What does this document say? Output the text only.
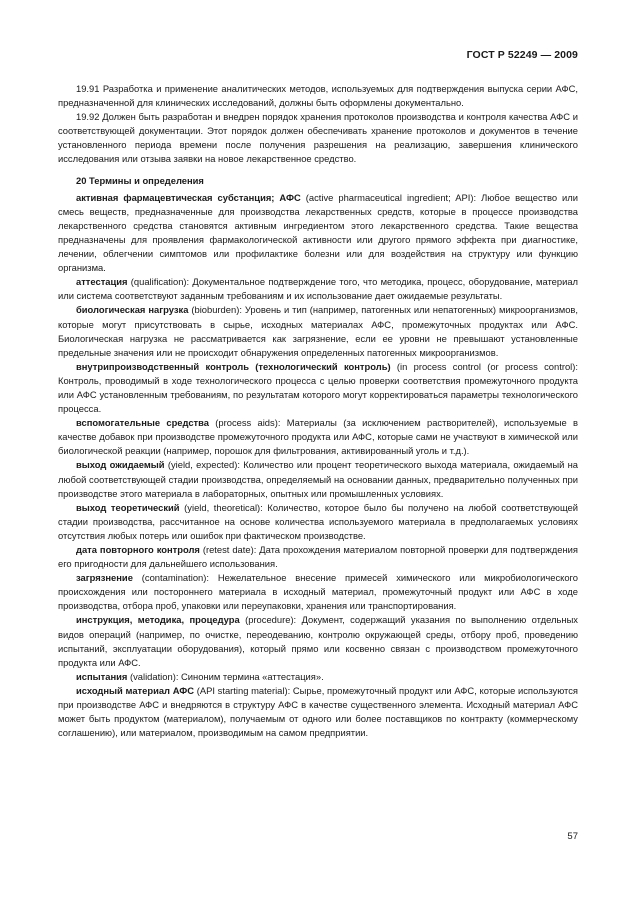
ГОСТ Р 52249 — 2009

19.91 Разработка и применение аналитических методов, используемых для подтверждения выпуска серии АФС, предназначенной для клинических исследований, должны быть оформлены документально.

19.92 Должен быть разработан и внедрен порядок хранения протоколов производства и контроля качества АФС и соответствующей документации. Этот порядок должен обеспечивать хранение протоколов и документов в течение установленного периода времени после получения разрешения на реализацию, завершения клинического исследования или отзыва заявки на новое лекарственное средство.

20 Термины и определения

активная фармацевтическая субстанция; АФС (active pharmaceutical ingredient; API): Любое вещество или смесь веществ, предназначенные для производства лекарственных средств, которые в процессе производства лекарственного средства становятся активным ингредиентом этого лекарственного средства. Такие вещества предназначены для проявления фармакологической активности или другого прямого эффекта при диагностике, лечении, облегчении симптомов или профилактике болезни или для воздействия на структуру или функцию организма.

аттестация (qualification): Документальное подтверждение того, что методика, процесс, оборудование, материал или система соответствуют заданным требованиям и их использование дает ожидаемые результаты.

биологическая нагрузка (bioburden): Уровень и тип (например, патогенных или непатогенных) микроорганизмов, которые могут присутствовать в сырье, исходных материалах АФС, промежуточных продуктах или АФС. Биологическая нагрузка не рассматривается как загрязнение, если ее уровни не превышают установленные предельные значения или не происходит обнаружения определенных патогенных микроорганизмов.

внутрипроизводственный контроль (технологический контроль) (in process control (or process control): Контроль, проводимый в ходе технологического процесса с целью проверки соответствия промежуточного продукта или АФС установленным требованиям, по результатам которого могут корректироваться параметры технологического процесса.

вспомогательные средства (process aids): Материалы (за исключением растворителей), используемые в качестве добавок при производстве промежуточного продукта или АФС, которые сами не участвуют в химической или биологической реакции (например, порошок для фильтрования, активированный уголь и т.д.).

выход ожидаемый (yield, expected): Количество или процент теоретического выхода материала, ожидаемый на любой соответствующей стадии производства, определяемый на основании данных, предварительно полученных при производстве этого материала в лабораторных, опытных или промышленных условиях.

выход теоретический (yield, theoretical): Количество, которое было бы получено на любой соответствующей стадии производства, рассчитанное на основе количества используемого материала в предполагаемых условиях отсутствия любых потерь или ошибок при фактическом производстве.

дата повторного контроля (retest date): Дата прохождения материалом повторной проверки для подтверждения его пригодности для дальнейшего использования.

загрязнение (contamination): Нежелательное внесение примесей химического или микробиологического происхождения или постороннего материала в исходный материал, промежуточный продукт или АФС в ходе производства, отбора проб, упаковки или переупаковки, хранения или транспортирования.

инструкция, методика, процедура (procedure): Документ, содержащий указания по выполнению отдельных видов операций (например, по очистке, переодеванию, контролю окружающей среды, отбору проб, проведению испытаний, эксплуатации оборудования), который прямо или косвенно связан с производством промежуточного продукта или АФС.

испытания (validation): Синоним термина «аттестация».

исходный материал АФС (API starting material): Сырье, промежуточный продукт или АФС, которые используются при производстве АФС и внедряются в структуру АФС в качестве существенного элемента. Исходный материал АФС может быть продуктом (материалом), получаемым от одного или более поставщиков по контракту (коммерческому соглашению), или материалом, производимым на самом предприятии.

57
